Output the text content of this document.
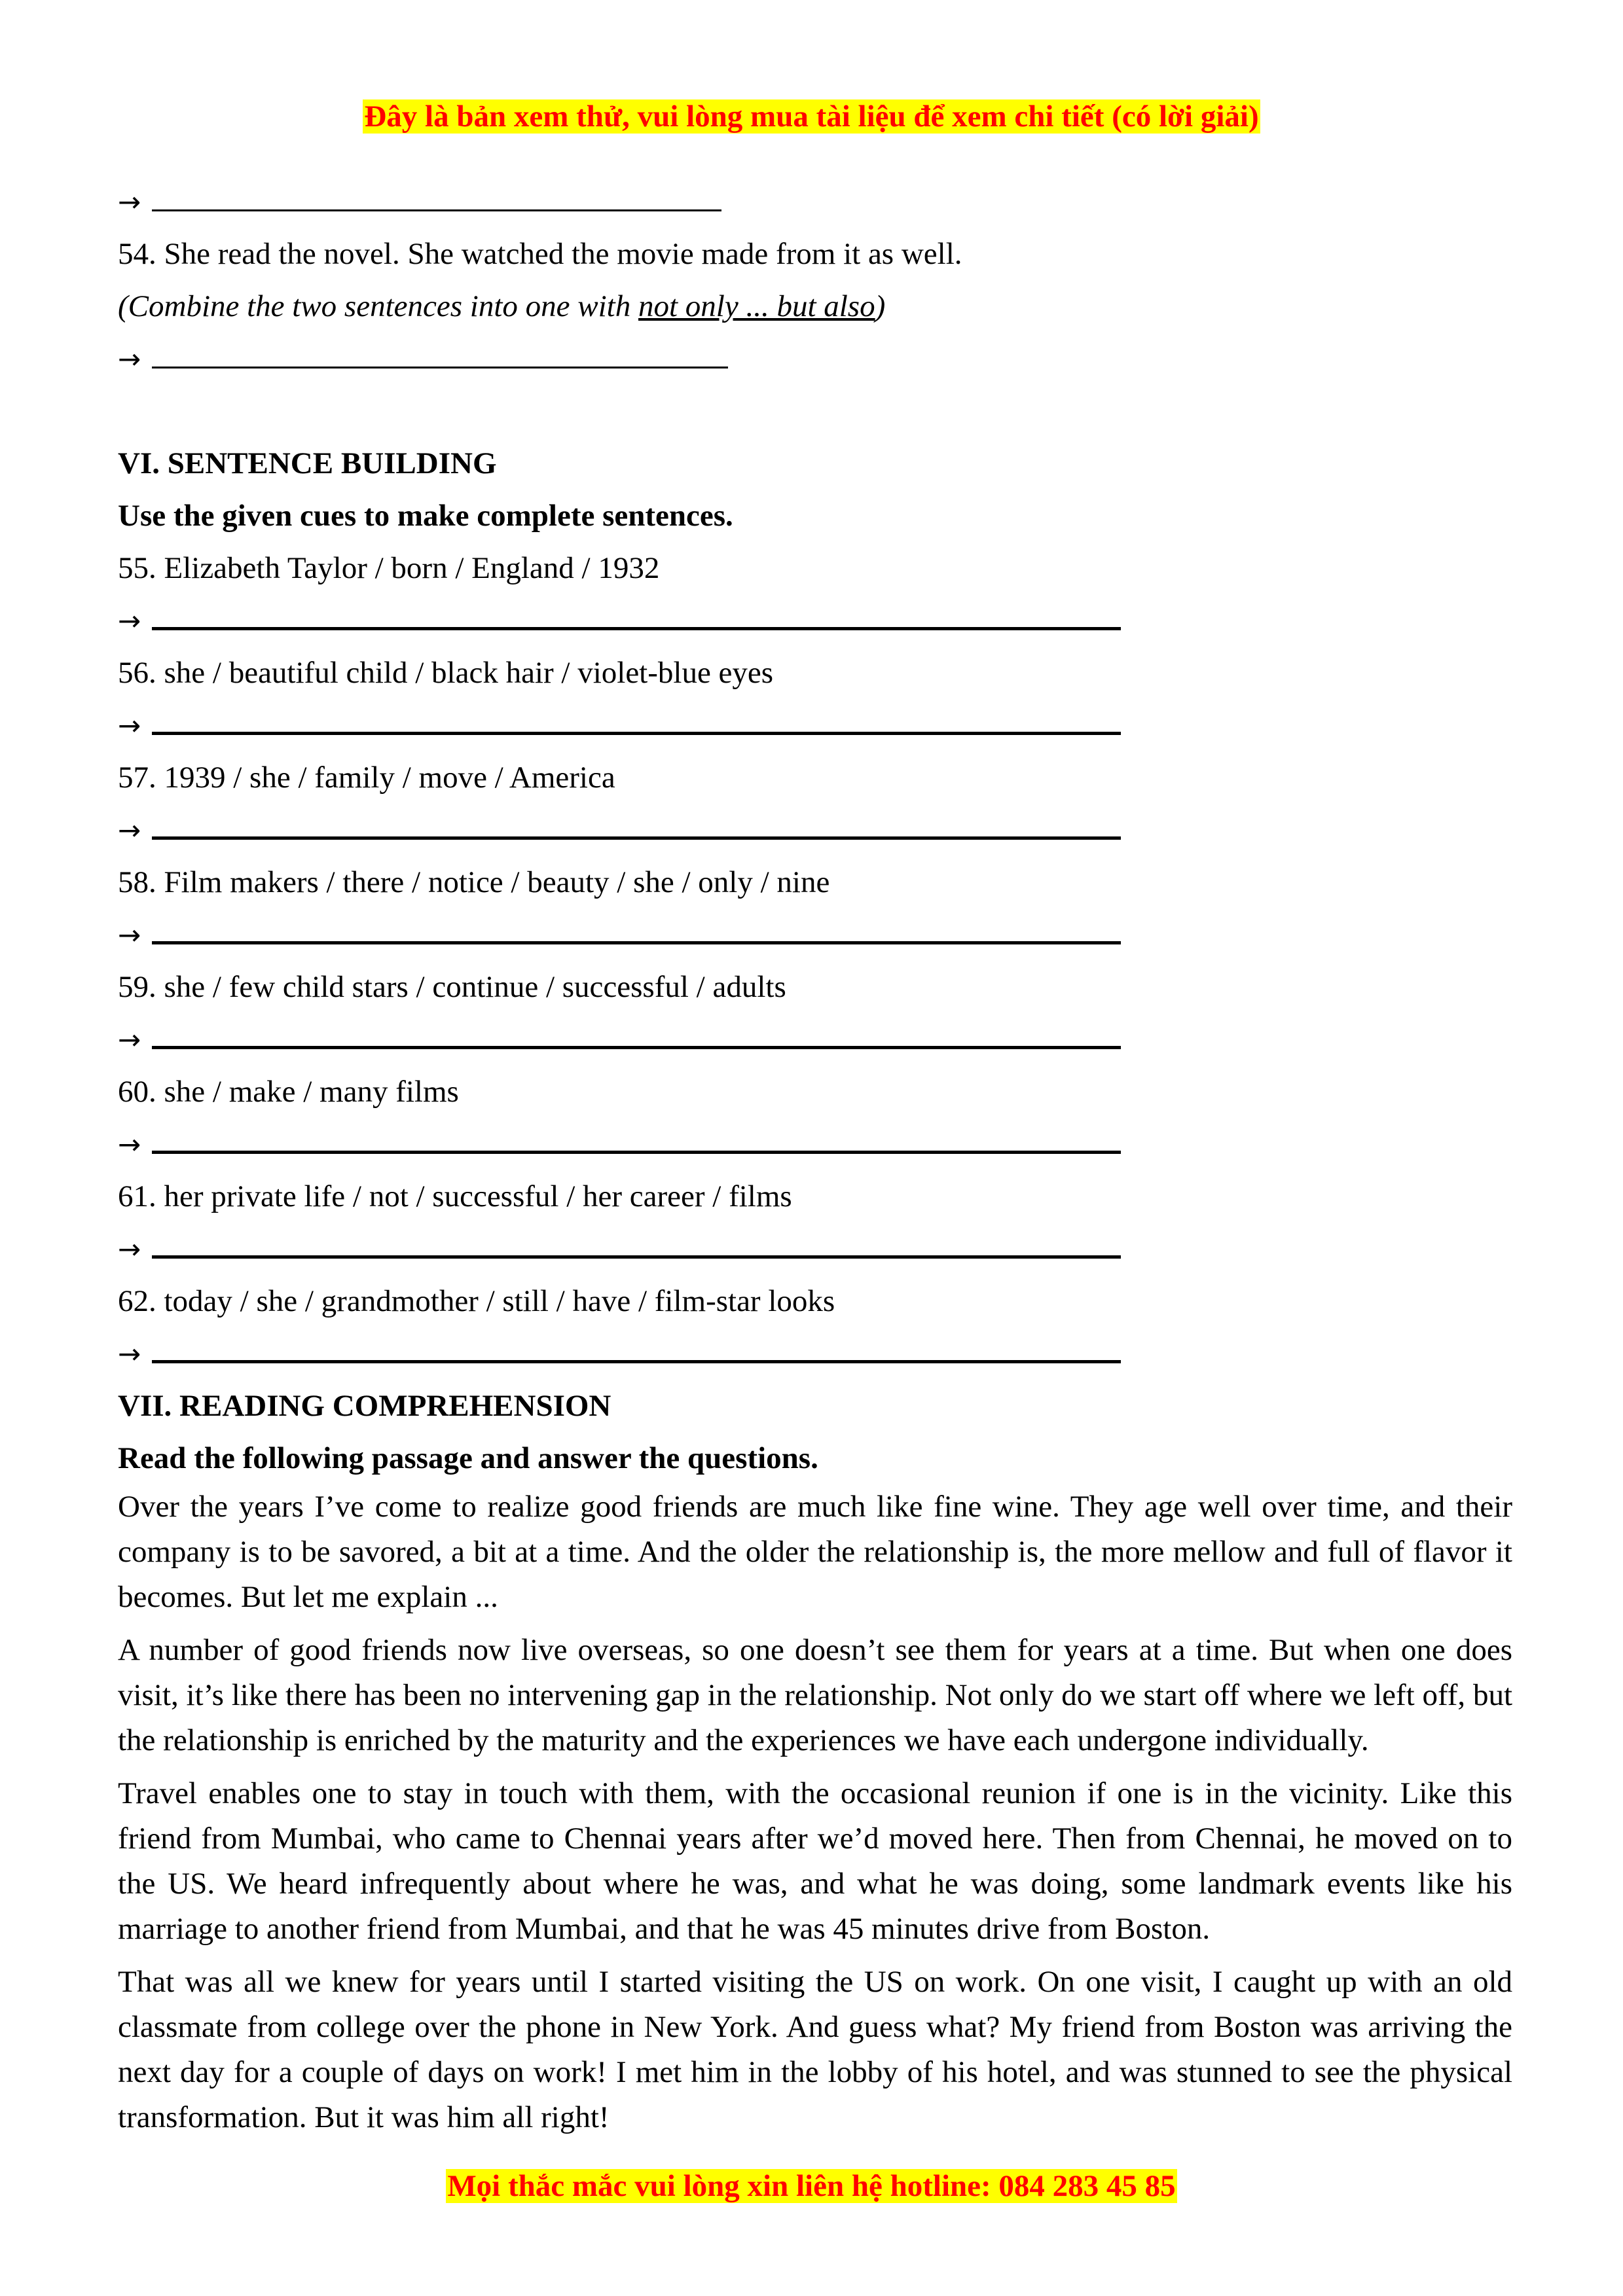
Đây là bản xem thử, vui lòng mua tài liệu để xem chi tiết (có lời giải)
→
54. She read the novel. She watched the movie made from it as well.
(Combine the two sentences into one with not only ... but also)
→
VI. SENTENCE BUILDING
Use the given cues to make complete sentences.
55. Elizabeth Taylor / born / England / 1932
→
56. she / beautiful child / black hair / violet-blue eyes
→
57. 1939 / she / family / move / America
→
58. Film makers / there / notice / beauty / she / only / nine
→
59. she / few child stars / continue / successful / adults
→
60. she / make / many films
→
61. her private life / not / successful / her career / films
→
62. today / she / grandmother / still / have / film-star looks
→
VII. READING COMPREHENSION
Read the following passage and answer the questions.

Over the years I’ve come to realize good friends are much like fine wine. They age well over time, and their company is to be savored, a bit at a time. And the older the relationship is, the more mellow and full of flavor it becomes. But let me explain ...

A number of good friends now live overseas, so one doesn’t see them for years at a time. But when one does visit, it’s like there has been no intervening gap in the relationship. Not only do we start off where we left off, but the relationship is enriched by the maturity and the experiences we have each undergone individually.

Travel enables one to stay in touch with them, with the occasional reunion if one is in the vicinity. Like this friend from Mumbai, who came to Chennai years after we’d moved here. Then from Chennai, he moved on to the US. We heard infrequently about where he was, and what he was doing, some landmark events like his marriage to another friend from Mumbai, and that he was 45 minutes drive from Boston.

That was all we knew for years until I started visiting the US on work. On one visit, I caught up with an old classmate from college over the phone in New York. And guess what? My friend from Boston was arriving the next day for a couple of days on work! I met him in the lobby of his hotel, and was stunned to see the physical transformation. But it was him all right!

Mọi thắc mắc vui lòng xin liên hệ hotline: 084 283 45 85
